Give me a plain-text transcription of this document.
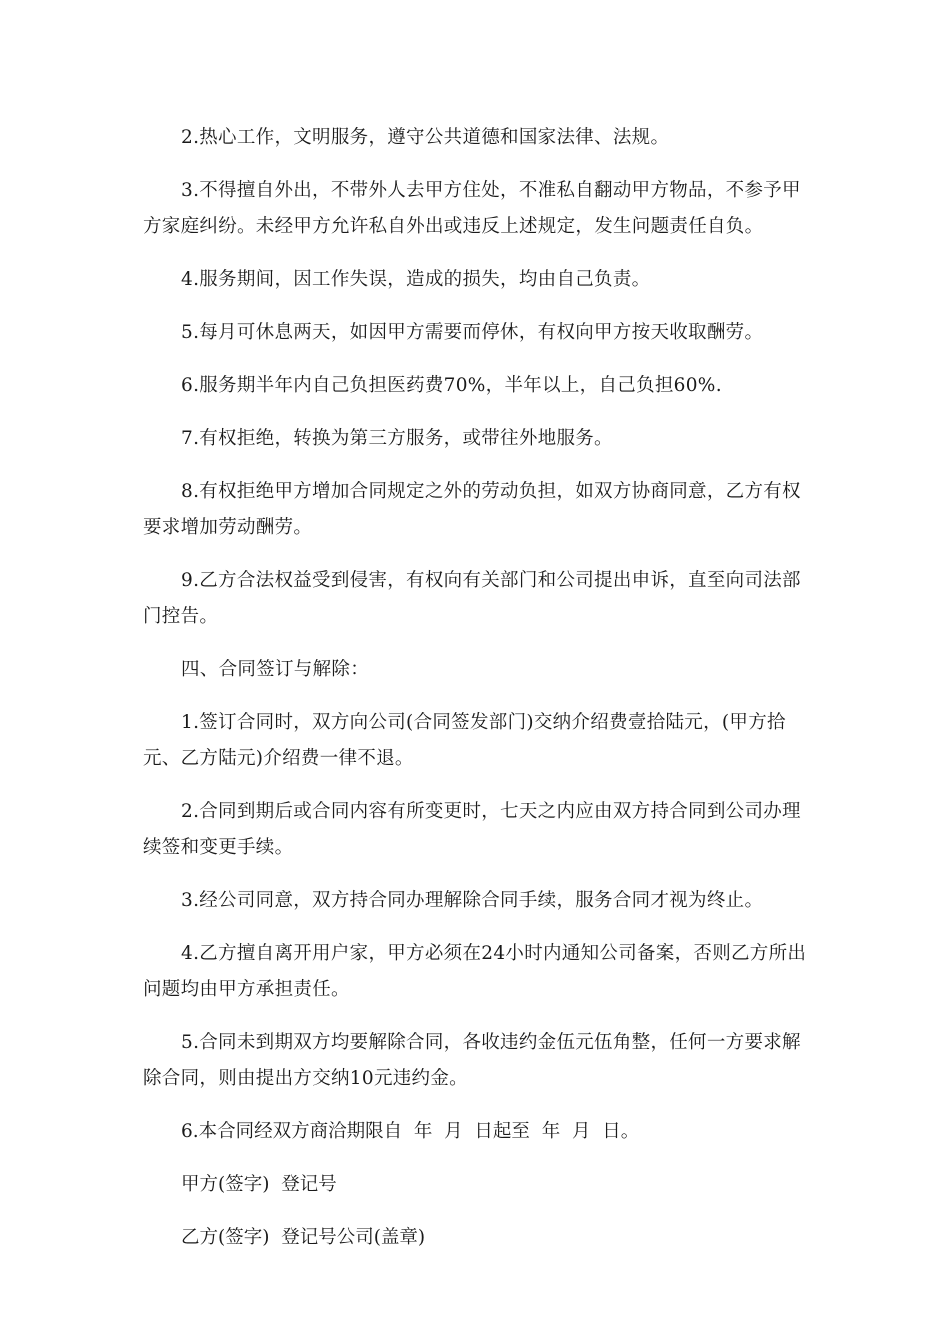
2.热心工作，文明服务，遵守公共道德和国家法律、法规。

3.不得擅自外出，不带外人去甲方住处，不准私自翻动甲方物品，不参予甲方家庭纠纷。未经甲方允许私自外出或违反上述规定，发生问题责任自负。

4.服务期间，因工作失误，造成的损失，均由自己负责。

5.每月可休息两天，如因甲方需要而停休，有权向甲方按天收取酬劳。

6.服务期半年内自己负担医药费70%，半年以上，自己负担60%.

7.有权拒绝，转换为第三方服务，或带往外地服务。

8.有权拒绝甲方增加合同规定之外的劳动负担，如双方协商同意，乙方有权要求增加劳动酬劳。

9.乙方合法权益受到侵害，有权向有关部门和公司提出申诉，直至向司法部门控告。

四、合同签订与解除：

1.签订合同时，双方向公司(合同签发部门)交纳介绍费壹拾陆元，(甲方拾元、乙方陆元)介绍费一律不退。

2.合同到期后或合同内容有所变更时，七天之内应由双方持合同到公司办理续签和变更手续。

3.经公司同意，双方持合同办理解除合同手续，服务合同才视为终止。

4.乙方擅自离开用户家，甲方必须在24小时内通知公司备案，否则乙方所出问题均由甲方承担责任。

5.合同未到期双方均要解除合同，各收违约金伍元伍角整，任何一方要求解除合同，则由提出方交纳10元违约金。

6.本合同经双方商洽期限自  年  月  日起至  年  月  日。

甲方(签字)  登记号

乙方(签字)  登记号公司(盖章)
